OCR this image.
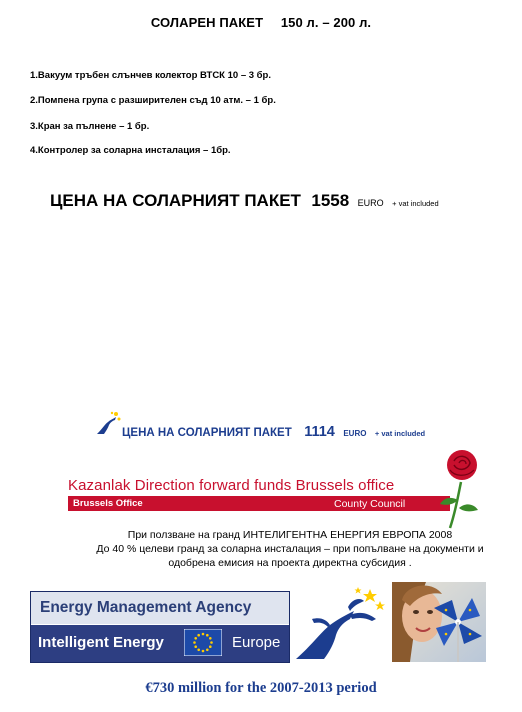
СОЛАРЕН ПАКЕТ 150 л. – 200 л.
1.Вакуум тръбен слънчев колектор ВТСК 10 – 3 бр.
2.Помпена група с разширителен съд 10 атм. – 1 бр.
3.Кран за пълнене – 1 бр.
4.Контролер за соларна инсталация – 1бр.
ЦЕНА НА СОЛАРНИЯТ ПАКЕТ 1558 EURO + vat included
ЦЕНА НА СОЛАРНИЯТ ПАКЕТ 1114 EURO + vat included
Kazanlak Direction forward funds Brussels office
Brussels Office	County Council
При ползване на гранд ИНТЕЛИГЕНТНА ЕНЕРГИЯ ЕВРОПА 2008
До 40 % целеви гранд за соларна инсталация – при попълване на документи и
одобрена емисия на проекта директна субсидия .
Energy Management Agency
Intelligent Energy	Europe
€730 million for the 2007-2013 period
